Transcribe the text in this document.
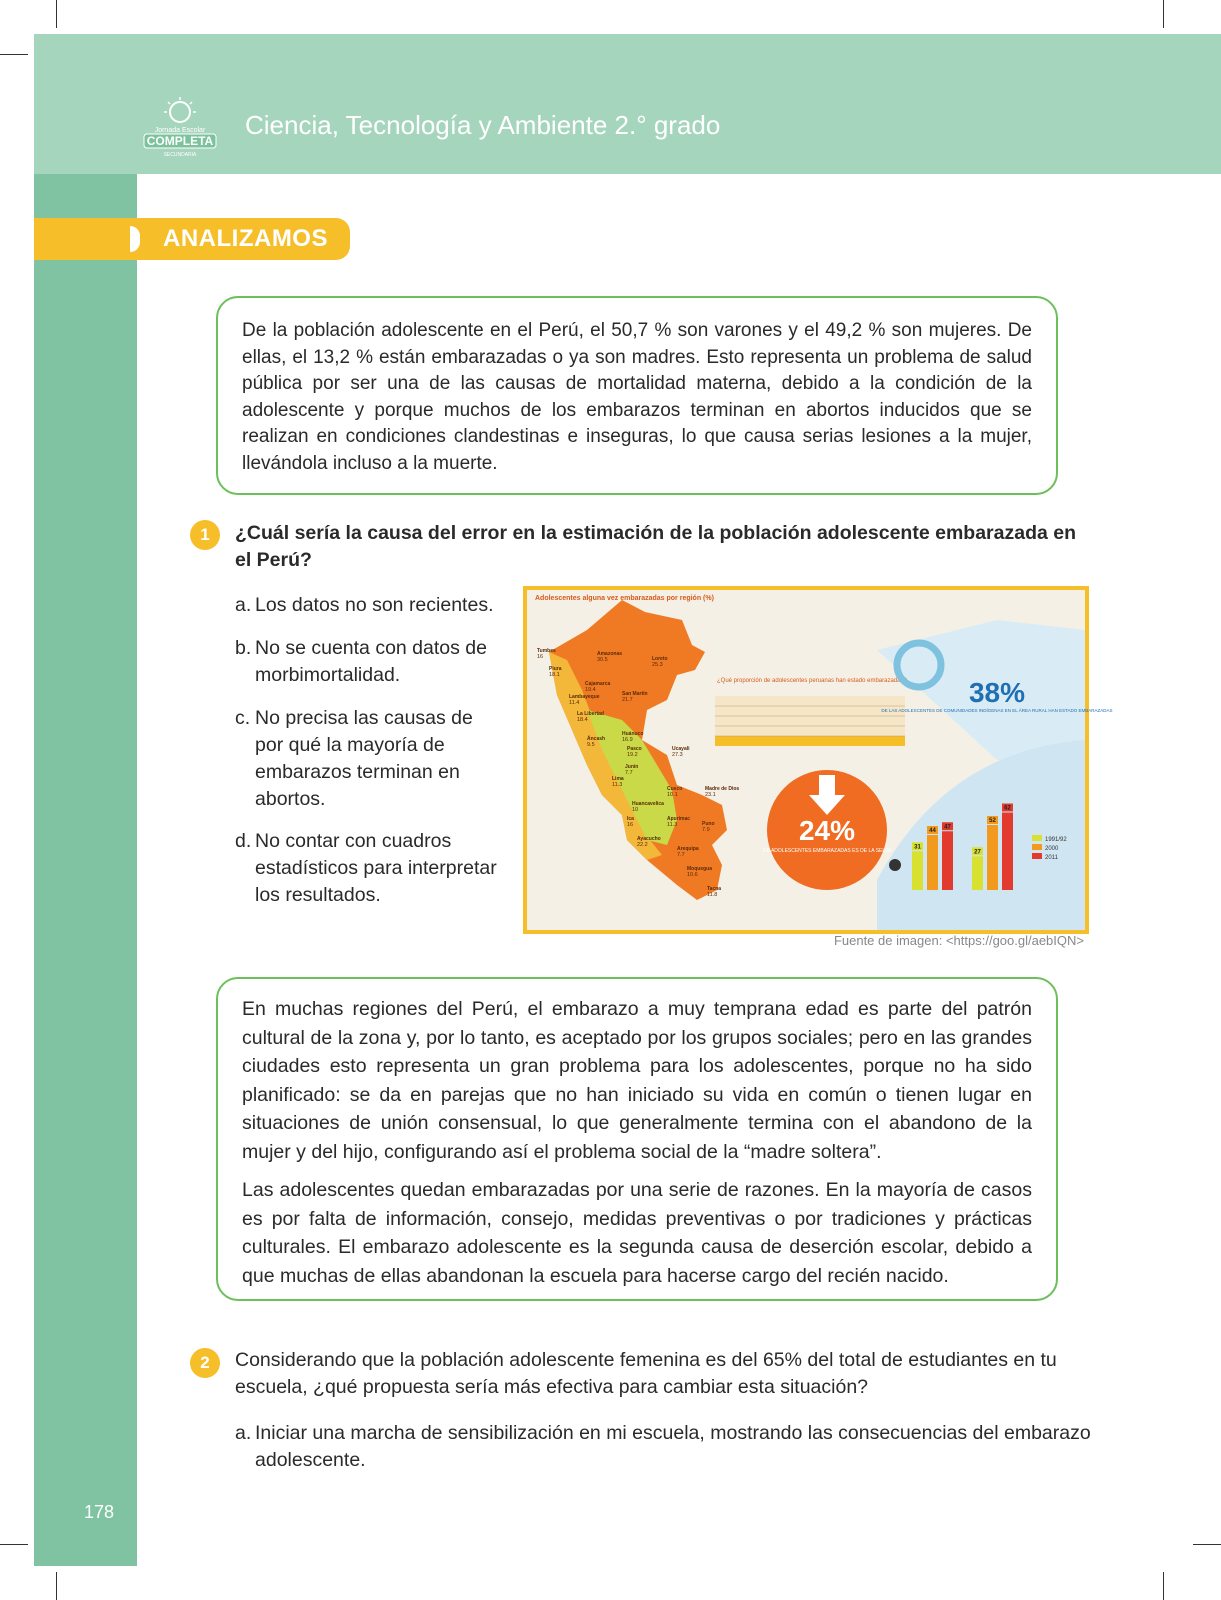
Jornada Escolar
COMPLETA
SECUNDARIA
Ciencia, Tecnología y Ambiente 2.° grado
ANALIZAMOS

De la población adolescente en el Perú, el 50,7 % son varones y el 49,2 % son mujeres. De ellas, el 13,2 % están embarazadas o ya son madres. Esto representa un problema de salud pública por ser una de las causas de mortalidad materna, debido a la condición de la adolescente y porque muchos de los embarazos terminan en abortos inducidos que se realizan en condiciones clandestinas e inseguras, lo que causa serias lesiones a la mujer, llevándola incluso a la muerte.

1	¿Cuál sería la causa del error en la estimación de la población adolescente embarazada en el Perú?
a. Los datos no son recientes.
b. No se cuenta con datos de morbimortalidad.
c. No precisa las causas de por qué la mayoría de embarazos terminan en abortos.
d. No contar con cuadros estadísticos para interpretar los resultados.
Adolescentes alguna vez embarazadas por región (%)
Tumbes
16
Piura
18.1
Amazonas
30.5	Loreto
25.3
Cajamarca
19.4
Lambayeque
11.4
San Martín
21.7
La Libertad
18.4
Áncash
9.5
Huánuco
16.9
Pasco
19.2
Ucayali
27.3
Junín
7.7
Lima
11.3
Cusco
10.1
Madre de Dios
23.1
Huancavelica
10
Ica
16
Apurímac
11.3	Puno
7.9
Ayacucho
22.2
Arequipa
7.7
Moquegua
10.6
Tacna
11.8
¿Qué proporción de adolescentes peruanas han estado embarazadas?
24%
DE ADOLESCENTES EMBARAZADAS ES DE LA SELVA
38%
DE LAS ADOLESCENTES DE COMUNIDADES INDÍGENAS EN EL ÁREA RURAL HAN ESTADO EMBARAZADAS
31
44
47
27
52
62
1991/92
2000
2011
Fuente de imagen: <https://goo.gl/aebIQN>

En muchas regiones del Perú, el embarazo a muy temprana edad es parte del patrón cultural de la zona y, por lo tanto, es aceptado por los grupos sociales; pero en las grandes ciudades esto representa un gran problema para los adolescentes, porque no ha sido planificado: se da en parejas que no han iniciado su vida en común o tienen lugar en situaciones de unión consensual, lo que generalmente termina con el abandono de la mujer y del hijo, configurando así el problema social de la “madre soltera”.

Las adolescentes quedan embarazadas por una serie de razones. En la mayoría de casos es por falta de información, consejo, medidas preventivas o por tradiciones y prácticas culturales. El embarazo adolescente es la segunda causa de deserción escolar, debido a que muchas de ellas abandonan la escuela para hacerse cargo del recién nacido.

2	Considerando que la población adolescente femenina es del 65% del total de estudiantes en tu escuela, ¿qué propuesta sería más efectiva para cambiar esta situación?
a. Iniciar una marcha de sensibilización en mi escuela, mostrando las consecuencias del embarazo adolescente.
178
